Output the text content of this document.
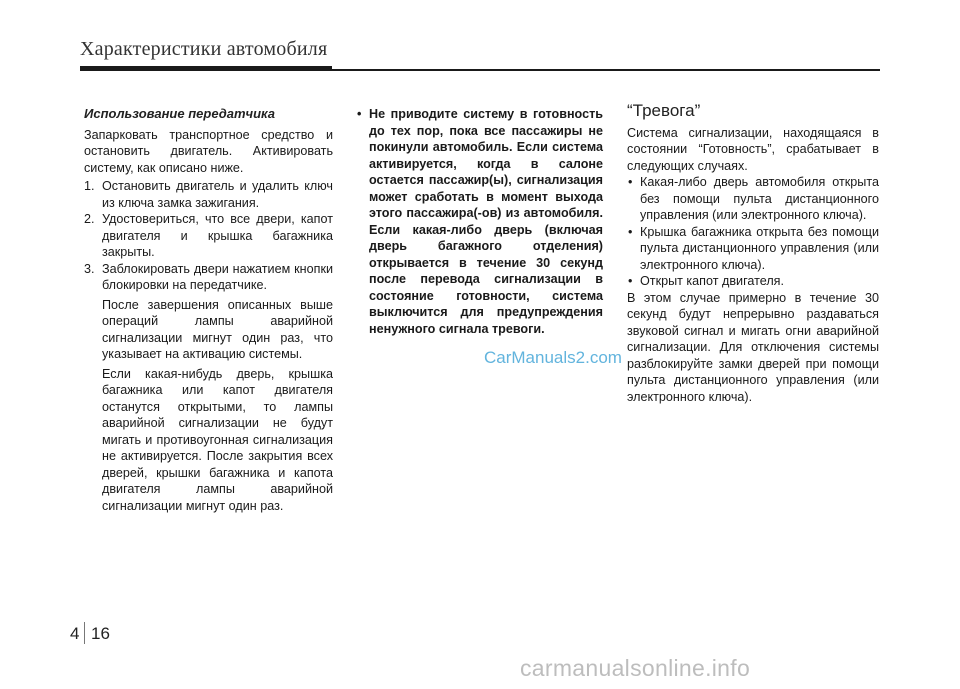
Характеристики автомобиля
Использование передатчика

Запарковать транспортное средство и остановить двигатель. Активировать систему, как описано ниже.

1. Остановить двигатель и удалить ключ из ключа замка зажигания.
2. Удостовериться, что все двери, капот двигателя и крышка багажника закрыты.
3. Заблокировать двери нажатием кнопки блокировки на передатчике.

После завершения описанных выше операций лампы аварийной сигнализации мигнут один раз, что указывает на активацию системы.

Если какая-нибудь дверь, крышка багажника или капот двигателя останутся открытыми, то лампы аварийной сигнализации не будут мигать и противоугонная сигнализация не активируется. После закрытия всех дверей, крышки багажника и капота двигателя лампы аварийной сигнализации мигнут один раз.

• Не приводите систему в готовность до тех пор, пока все пассажиры не покинули автомобиль. Если система активируется, когда в салоне остается пассажир(ы), сигнализация может сработать в момент выхода этого пассажира(-ов) из автомобиля. Если какая-либо дверь (включая дверь багажного отделения) открывается в течение 30 секунд после перевода сигнализации в состояние готовности, система выключится для предупреждения ненужного сигнала тревоги.
“Тревога”

Система сигнализации, находящаяся в состоянии “Готовность”, срабатывает в следующих случаях.

• Какая-либо дверь автомобиля открыта без помощи пульта дистанционного управления (или электронного ключа).
• Крышка багажника открыта без помощи пульта дистанционного управления (или электронного ключа).
• Открыт капот двигателя.

В этом случае примерно в течение 30 секунд будут непрерывно раздаваться звуковой сигнал и мигать огни аварийной сигнализации. Для отключения системы разблокируйте замки дверей при помощи пульта дистанционного управления (или электронного ключа).

CarManuals2.com
4 16
carmanualsonline.info
